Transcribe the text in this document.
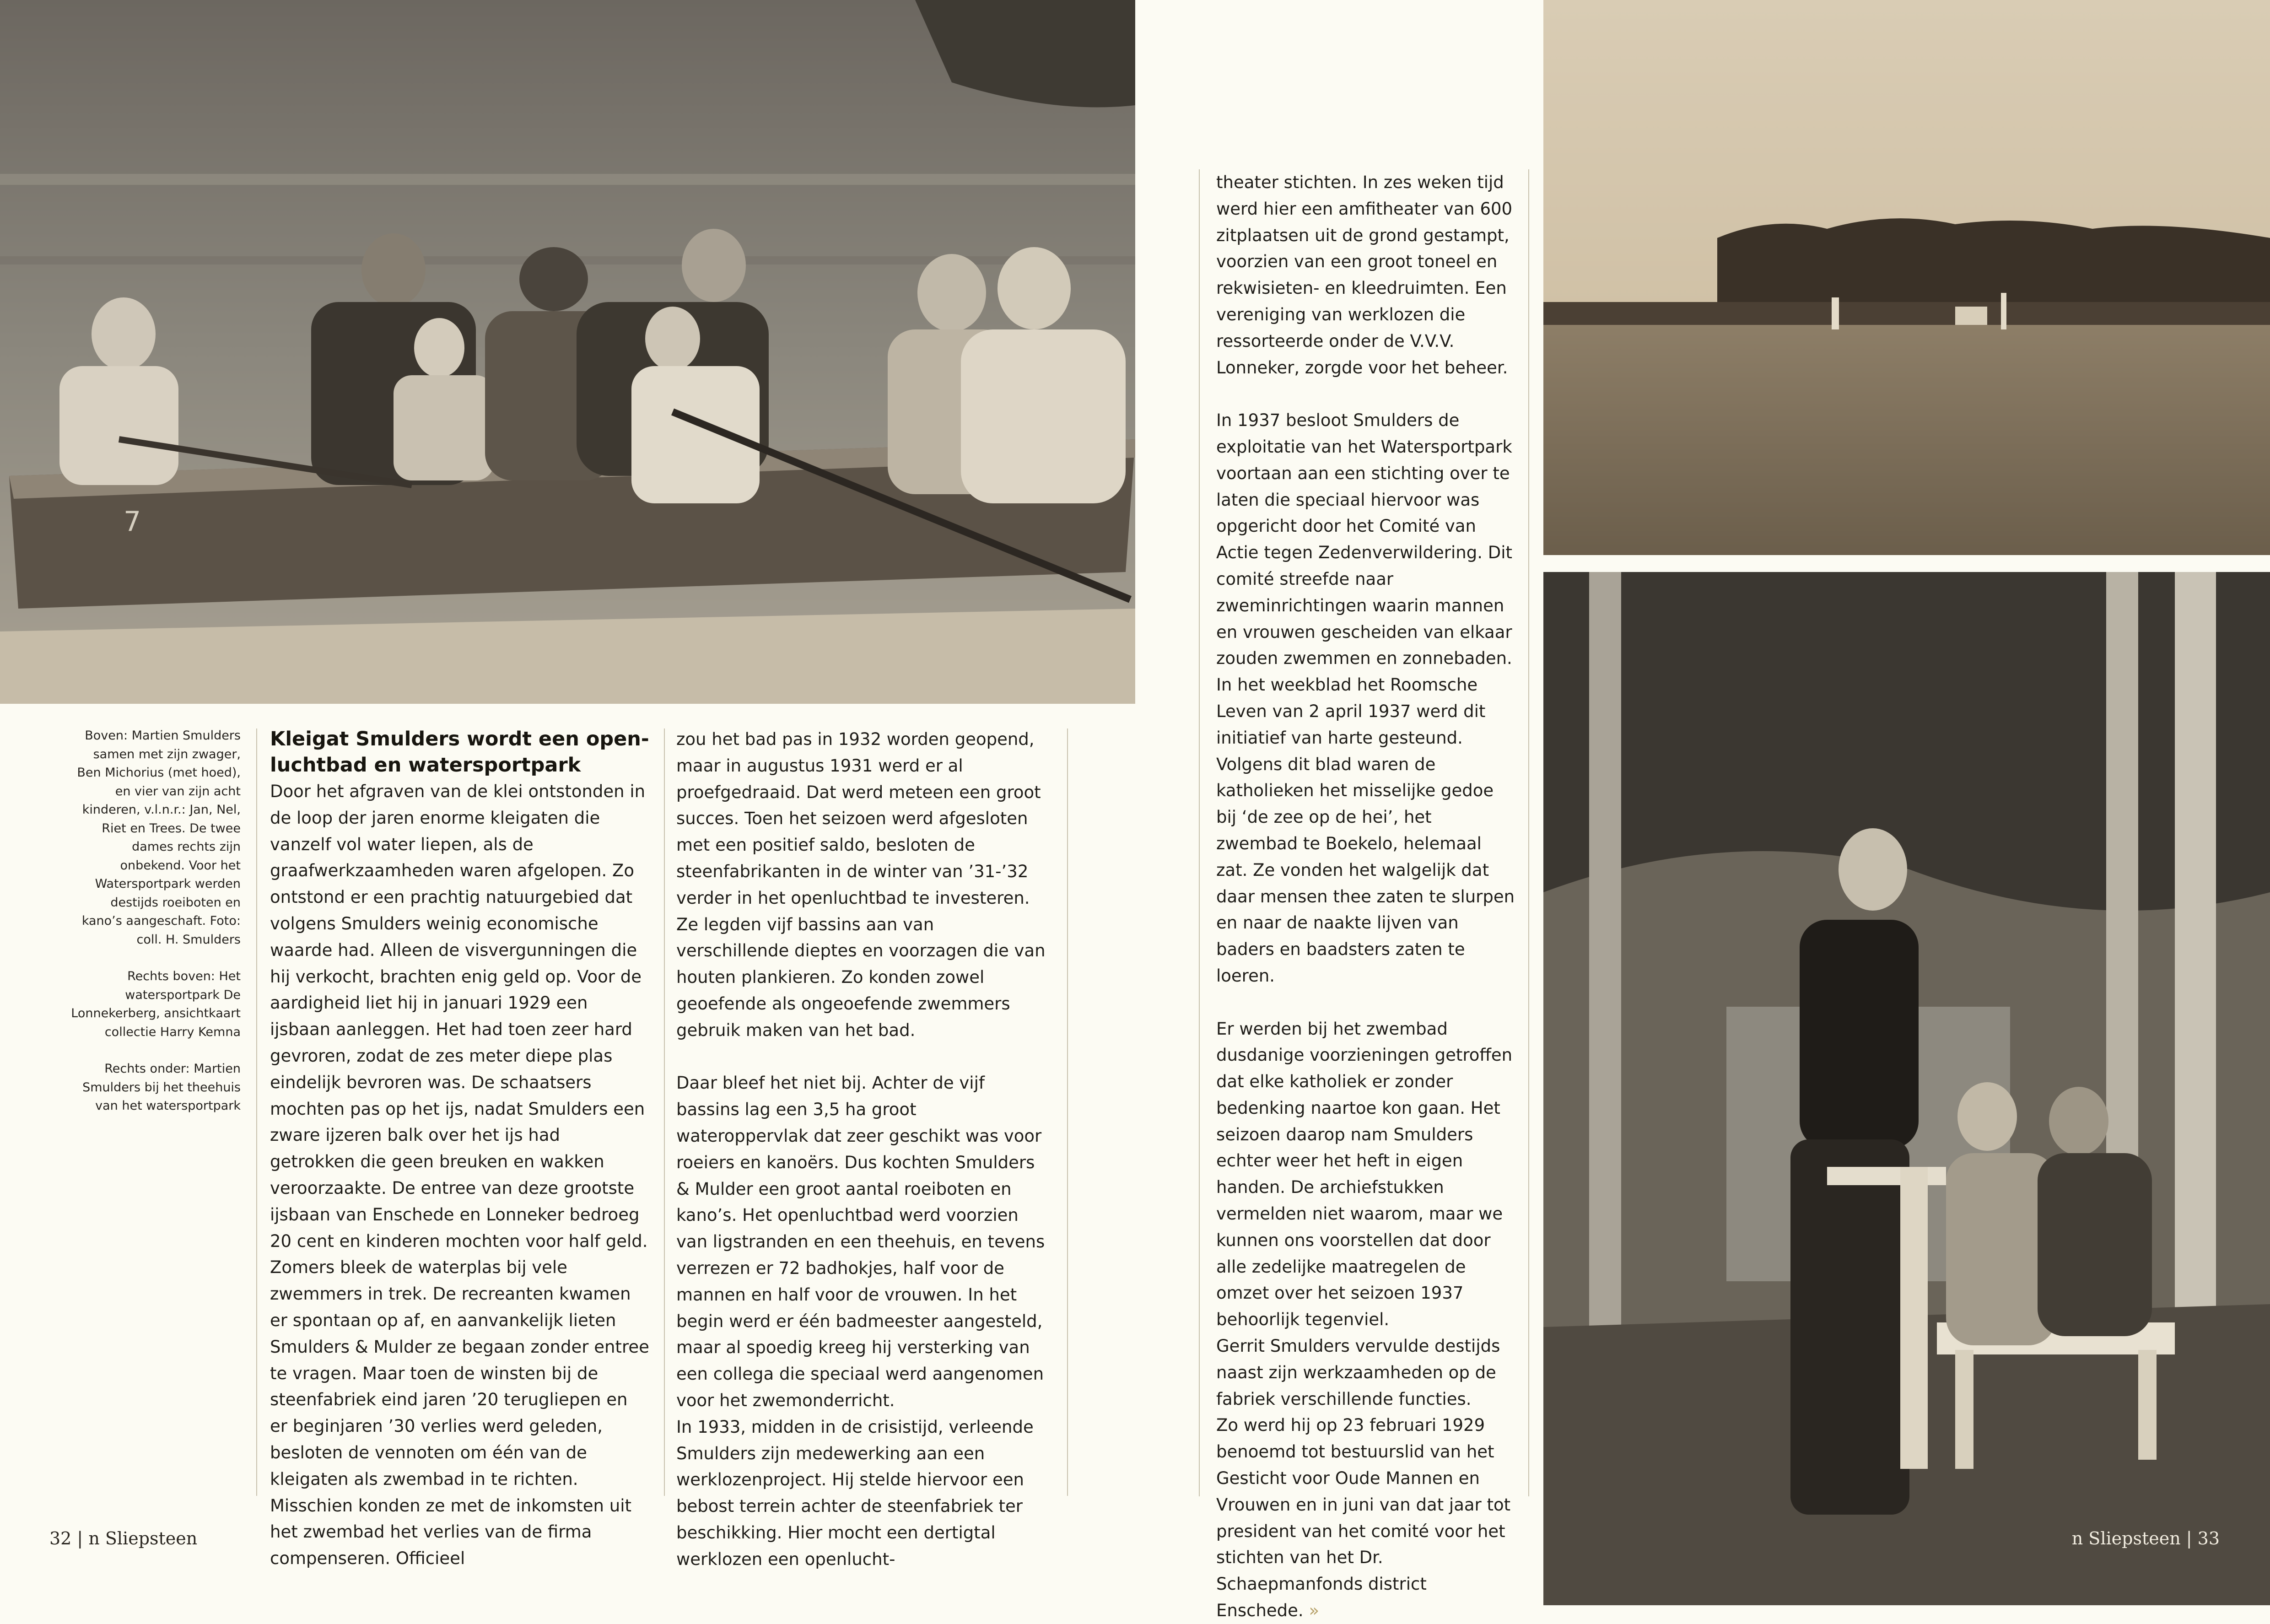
7

Boven: Martien Smulders samen met zijn zwager, Ben Michorius (met hoed), en vier van zijn acht kinderen, v.l.n.r.: Jan, Nel, Riet en Trees. De twee dames rechts zijn onbekend. Voor het Watersportpark werden destijds roeiboten en kano’s aangeschaft. Foto: coll. H. Smulders

Rechts boven: Het watersportpark De Lonnekerberg, ansichtkaart collectie Harry Kemna

Rechts onder: Martien Smulders bij het theehuis van het watersportpark

Kleigat Smulders wordt een open-luchtbad en watersportpark

Door het afgraven van de klei ontstonden in de loop der jaren enorme kleigaten die vanzelf vol water liepen, als de graafwerkzaamheden waren afgelopen. Zo ontstond er een prachtig natuurgebied dat volgens Smulders weinig economische waarde had. Alleen de visvergunningen die hij verkocht, brachten enig geld op. Voor de aardigheid liet hij in januari 1929 een ijsbaan aanleggen. Het had toen zeer hard gevroren, zodat de zes meter diepe plas eindelijk bevroren was. De schaatsers mochten pas op het ijs, nadat Smulders een zware ijzeren balk over het ijs had getrokken die geen breuken en wakken veroorzaakte. De entree van deze grootste ijsbaan van Enschede en Lonneker bedroeg 20 cent en kinderen mochten voor half geld.

Zomers bleek de waterplas bij vele zwemmers in trek. De recreanten kwamen er spontaan op af, en aanvankelijk lieten Smulders & Mulder ze begaan zonder entree te vragen. Maar toen de winsten bij de steenfabriek eind jaren ’20 terugliepen en er beginjaren ’30 verlies werd geleden, besloten de vennoten om één van de kleigaten als zwembad in te richten. Misschien konden ze met de inkomsten uit het zwembad het verlies van de firma compenseren. Officieel

zou het bad pas in 1932 worden geopend, maar in augustus 1931 werd er al proefgedraaid. Dat werd meteen een groot succes. Toen het seizoen werd afgesloten met een positief saldo, besloten de steenfabrikanten in de winter van ’31-’32 verder in het openluchtbad te investeren. Ze legden vijf bassins aan van verschillende dieptes en voorzagen die van houten plankieren. Zo konden zowel geoefende als ongeoefende zwemmers gebruik maken van het bad.

Daar bleef het niet bij. Achter de vijf bassins lag een 3,5 ha groot wateroppervlak dat zeer geschikt was voor roeiers en kanoërs. Dus kochten Smulders & Mulder een groot aantal roeiboten en kano’s. Het openluchtbad werd voorzien van ligstranden en een theehuis, en tevens verrezen er 72 badhokjes, half voor de mannen en half voor de vrouwen. In het begin werd er één badmeester aangesteld, maar al spoedig kreeg hij versterking van een collega die speciaal werd aangenomen voor het zwemonderricht.

In 1933, midden in de crisistijd, verleende Smulders zijn medewerking aan een werklozenproject. Hij stelde hiervoor een bebost terrein achter de steenfabriek ter beschikking. Hier mocht een dertigtal werklozen een openlucht-

theater stichten. In zes weken tijd werd hier een amfitheater van 600 zitplaatsen uit de grond gestampt, voorzien van een groot toneel en rekwisieten- en kleedruimten. Een vereniging van werklozen die ressorteerde onder de V.V.V. Lonneker, zorgde voor het beheer.

In 1937 besloot Smulders de exploitatie van het Watersportpark voortaan aan een stichting over te laten die speciaal hiervoor was opgericht door het Comité van Actie tegen Zedenverwildering. Dit comité streefde naar zweminrichtingen waarin mannen en vrouwen gescheiden van elkaar zouden zwemmen en zonnebaden.

In het weekblad het Roomsche Leven van 2 april 1937 werd dit initiatief van harte gesteund. Volgens dit blad waren de katholieken het misselijke gedoe bij ‘de zee op de hei’, het zwembad te Boekelo, helemaal zat. Ze vonden het walgelijk dat daar mensen thee zaten te slurpen en naar de naakte lijven van baders en baadsters zaten te loeren.

Er werden bij het zwembad dusdanige voorzieningen getroffen dat elke katholiek er zonder bedenking naartoe kon gaan. Het seizoen daarop nam Smulders echter weer het heft in eigen handen. De archiefstukken vermelden niet waarom, maar we kunnen ons voorstellen dat door alle zedelijke maatregelen de omzet over het seizoen 1937 behoorlijk tegenviel.

Gerrit Smulders vervulde destijds naast zijn werkzaamheden op de fabriek verschillende functies.

Zo werd hij op 23 februari 1929 benoemd tot bestuurslid van het Gesticht voor Oude Mannen en Vrouwen en in juni van dat jaar tot president van het comité voor het stichten van het Dr. Schaepmanfonds district Enschede. »

32 | n Sliepsteen	n Sliepsteen | 33
